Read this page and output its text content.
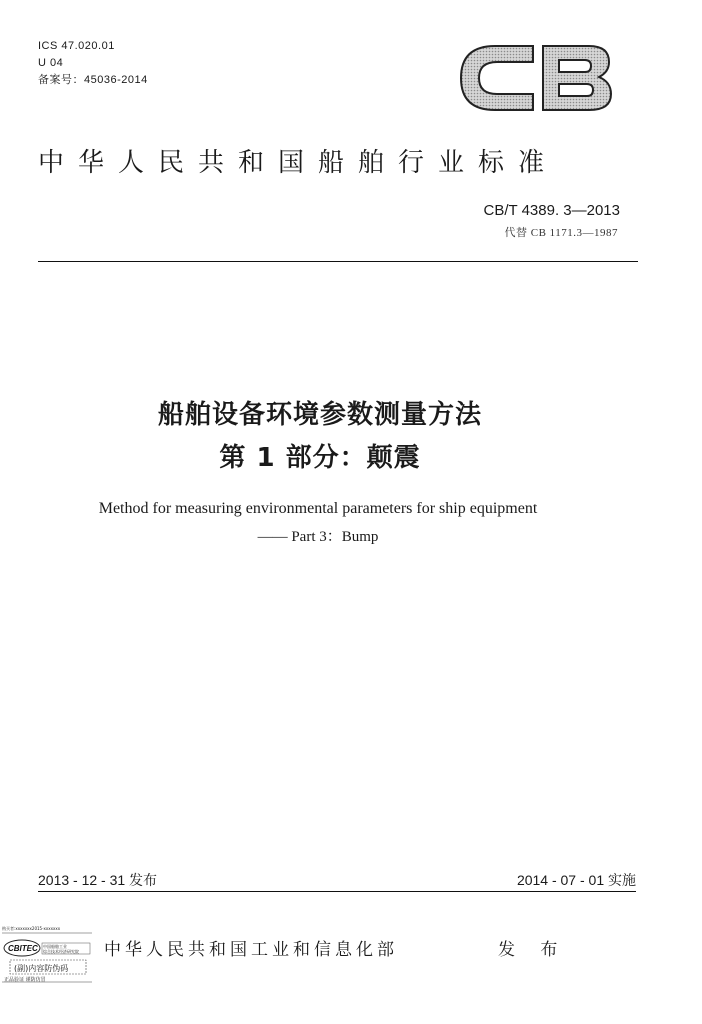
ICS 47.020.01
U 04
备案号：45036-2014
中华人民共和国船舶行业标准
CB/T 4389. 3—2013
代替 CB 1171.3—1987
船舶设备环境参数测量方法
第 1 部分：颠震
Method for measuring environmental parameters for ship equipment
—— Part 3：Bump
2013 - 12 - 31 发布	2014 - 07 - 01 实施
CBITEC
购买者:xxxxxxx2015-xxxxxxx
中国船舶工业
综合技术经济研究院
(副)内容防伪码
正品验证 谨防仿冒
中华人民共和国工业和信息化部	发 布
